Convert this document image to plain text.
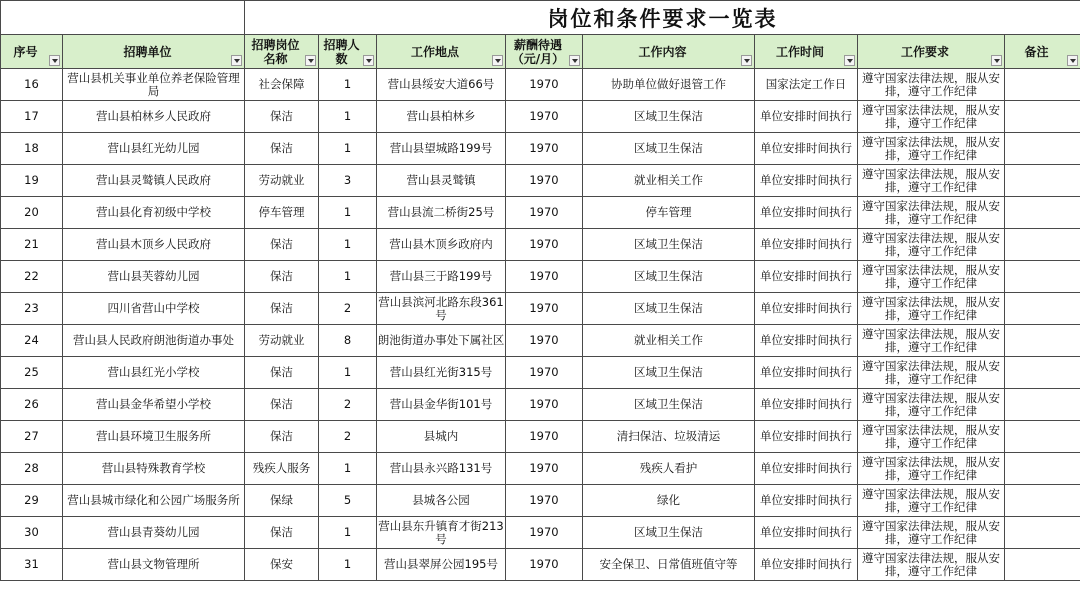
		岗位和条件要求一览表							

序号	招聘单位	招聘岗位名称	招聘人数	工作地点	薪酬待遇（元/月）	工作内容	工作时间	工作要求	备注

16	营山县机关事业单位养老保险管理局	社会保障	1	营山县绥安大道66号	1970	协助单位做好退管工作	国家法定工作日	遵守国家法律法规，服从安排，遵守工作纪律	
17	营山县柏林乡人民政府	保洁	1	营山县柏林乡	1970	区域卫生保洁	单位安排时间执行	遵守国家法律法规，服从安排，遵守工作纪律	
18	营山县红光幼儿园	保洁	1	营山县望城路199号	1970	区域卫生保洁	单位安排时间执行	遵守国家法律法规，服从安排，遵守工作纪律	
19	营山县灵鹫镇人民政府	劳动就业	3	营山县灵鹫镇	1970	就业相关工作	单位安排时间执行	遵守国家法律法规，服从安排，遵守工作纪律	
20	营山县化育初级中学校	停车管理	1	营山县流二桥街25号	1970	停车管理	单位安排时间执行	遵守国家法律法规，服从安排，遵守工作纪律	
21	营山县木顶乡人民政府	保洁	1	营山县木顶乡政府内	1970	区域卫生保洁	单位安排时间执行	遵守国家法律法规，服从安排，遵守工作纪律	
22	营山县芙蓉幼儿园	保洁	1	营山县三于路199号	1970	区域卫生保洁	单位安排时间执行	遵守国家法律法规，服从安排，遵守工作纪律	
23	四川省营山中学校	保洁	2	营山县滨河北路东段361号	1970	区域卫生保洁	单位安排时间执行	遵守国家法律法规，服从安排，遵守工作纪律	
24	营山县人民政府朗池街道办事处	劳动就业	8	朗池街道办事处下属社区	1970	就业相关工作	单位安排时间执行	遵守国家法律法规，服从安排，遵守工作纪律	
25	营山县红光小学校	保洁	1	营山县红光街315号	1970	区域卫生保洁	单位安排时间执行	遵守国家法律法规，服从安排，遵守工作纪律	
26	营山县金华希望小学校	保洁	2	营山县金华街101号	1970	区域卫生保洁	单位安排时间执行	遵守国家法律法规，服从安排，遵守工作纪律	
27	营山县环境卫生服务所	保洁	2	县城内	1970	清扫保洁、垃圾清运	单位安排时间执行	遵守国家法律法规，服从安排，遵守工作纪律	
28	营山县特殊教育学校	残疾人服务	1	营山县永兴路131号	1970	残疾人看护	单位安排时间执行	遵守国家法律法规，服从安排，遵守工作纪律	
29	营山县城市绿化和公园广场服务所	保绿	5	县城各公园	1970	绿化	单位安排时间执行	遵守国家法律法规，服从安排，遵守工作纪律	
30	营山县青葵幼儿园	保洁	1	营山县东升镇育才街213号	1970	区域卫生保洁	单位安排时间执行	遵守国家法律法规，服从安排，遵守工作纪律	
31	营山县文物管理所	保安	1	营山县翠屏公园195号	1970	安全保卫、日常值班值守等	单位安排时间执行	遵守国家法律法规，服从安排，遵守工作纪律	
